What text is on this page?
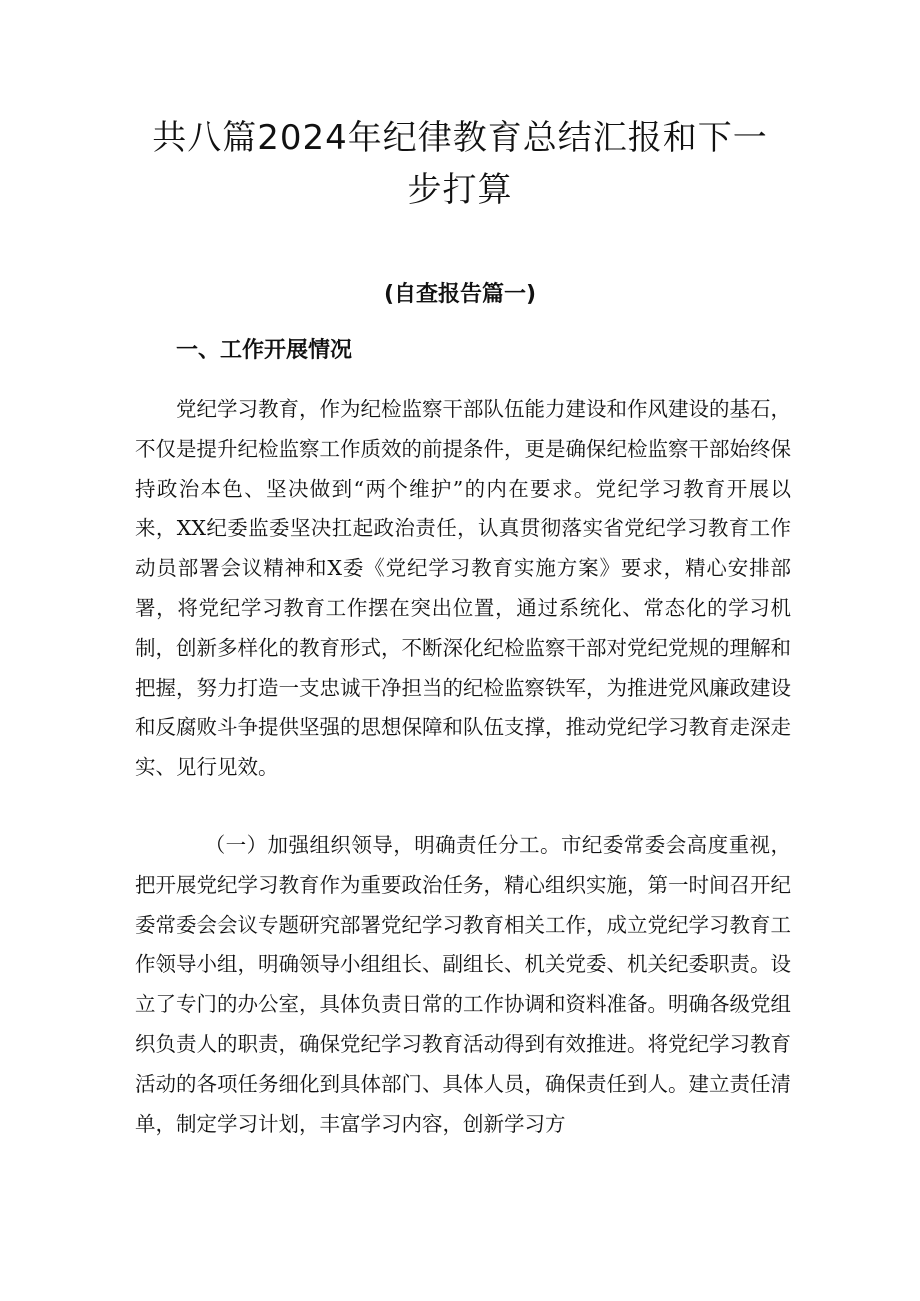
共八篇2024年纪律教育总结汇报和下一步打算
(自查报告篇一)
一、工作开展情况

党纪学习教育，作为纪检监察干部队伍能力建设和作风建设的基石，不仅是提升纪检监察工作质效的前提条件，更是确保纪检监察干部始终保持政治本色、坚决做到“两个维护”的内在要求。党纪学习教育开展以来，XX纪委监委坚决扛起政治责任，认真贯彻落实省党纪学习教育工作动员部署会议精神和X委《党纪学习教育实施方案》要求，精心安排部署，将党纪学习教育工作摆在突出位置，通过系统化、常态化的学习机制，创新多样化的教育形式，不断深化纪检监察干部对党纪党规的理解和把握，努力打造一支忠诚干净担当的纪检监察铁军，为推进党风廉政建设和反腐败斗争提供坚强的思想保障和队伍支撑，推动党纪学习教育走深走实、见行见效。

（一）加强组织领导，明确责任分工。市纪委常委会高度重视，把开展党纪学习教育作为重要政治任务，精心组织实施，第一时间召开纪委常委会会议专题研究部署党纪学习教育相关工作，成立党纪学习教育工作领导小组，明确领导小组组长、副组长、机关党委、机关纪委职责。设立了专门的办公室，具体负责日常的工作协调和资料准备。明确各级党组织负责人的职责，确保党纪学习教育活动得到有效推进。将党纪学习教育活动的各项任务细化到具体部门、具体人员，确保责任到人。建立责任清单，制定学习计划，丰富学习内容，创新学习方
